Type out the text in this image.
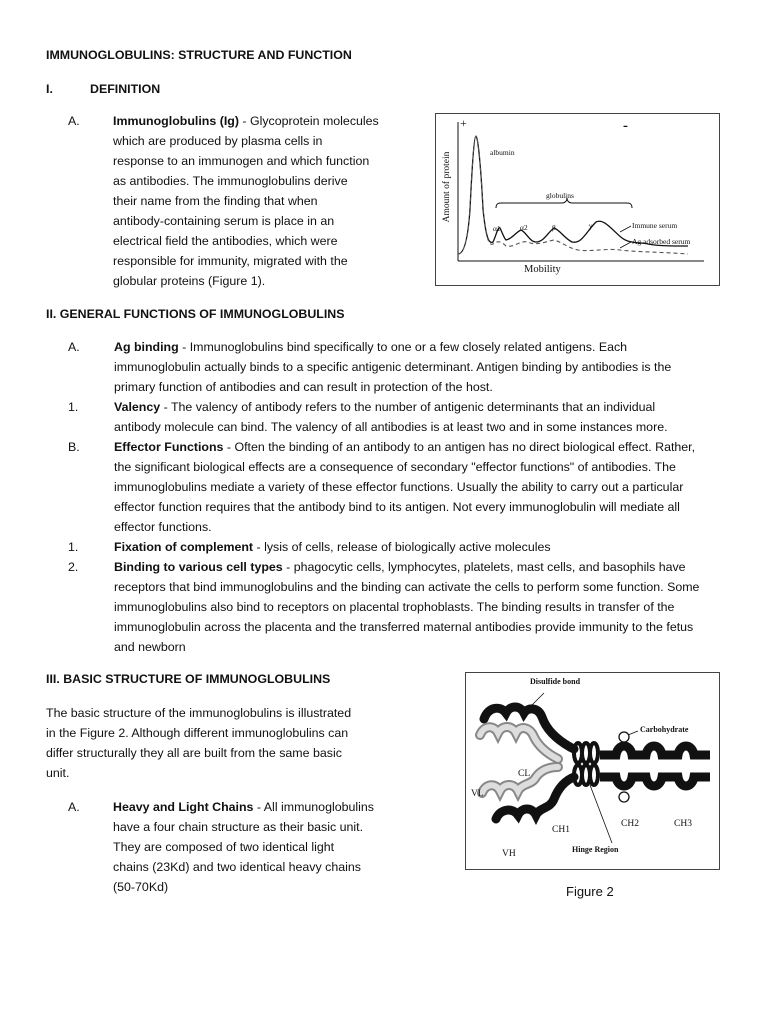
IMMUNOGLOBULINS: STRUCTURE AND FUNCTION
I.	DEFINITION
A.	Immunoglobulins (Ig) - Glycoprotein molecules
which are produced by plasma cells in
response to an immunogen and which function
as antibodies. The immunoglobulins derive
their name from the finding that when
antibody-containing serum is place in an
electrical field the antibodies, which were
responsible for immunity, migrated with the
globular proteins (Figure 1).
+	-
Amount of protein
Mobility
albumin
globulins
α1	α2	β	γ	Immune serum
Ag adsorbed serum
II. GENERAL FUNCTIONS OF IMMUNOGLOBULINS
A.	Ag binding - Immunoglobulins bind specifically to one or a few closely related antigens. Each
immunoglobulin actually binds to a specific antigenic determinant. Antigen binding by antibodies is the
primary function of antibodies and can result in protection of the host.
1.	Valency - The valency of antibody refers to the number of antigenic determinants that an individual
antibody molecule can bind. The valency of all antibodies is at least two and in some instances more.
B.	Effector Functions - Often the binding of an antibody to an antigen has no direct biological effect. Rather,
the significant biological effects are a consequence of secondary "effector functions" of antibodies. The
immunoglobulins mediate a variety of these effector functions. Usually the ability to carry out a particular
effector function requires that the antibody bind to its antigen. Not every immunoglobulin will mediate all
effector functions.
1.	Fixation of complement - lysis of cells, release of biologically active molecules
2.	Binding to various cell types - phagocytic cells, lymphocytes, platelets, mast cells, and basophils have
receptors that bind immunoglobulins and the binding can activate the cells to perform some function. Some
immunoglobulins also bind to receptors on placental trophoblasts. The binding results in transfer of the
immunoglobulin across the placenta and the transferred maternal antibodies provide immunity to the fetus
and newborn
III. BASIC STRUCTURE OF IMMUNOGLOBULINS
The basic structure of the immunoglobulins is illustrated
in the Figure 2. Although different immunoglobulins can
differ structurally they all are built from the same basic
unit.
A.	Heavy and Light Chains - All immunoglobulins
have a four chain structure as their basic unit.
They are composed of two identical light
chains (23Kd) and two identical heavy chains
(50-70Kd)
Disulfide bond
Carbohydrate
CL
VL
CH1
CH2	CH3
VH	Hinge Region
Figure 2
